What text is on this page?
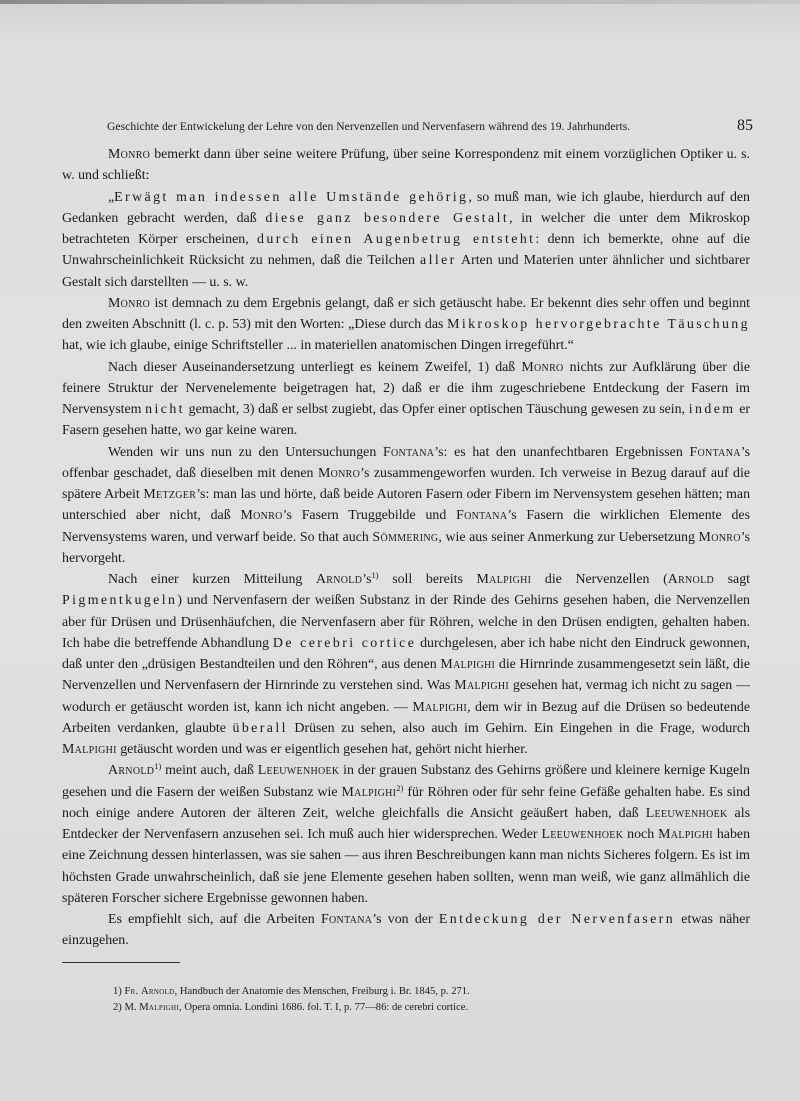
Geschichte der Entwickelung der Lehre von den Nervenzellen und Nervenfasern während des 19. Jahrhunderts.	85

Monro bemerkt dann über seine weitere Prüfung, über seine Korrespondenz mit einem vorzüglichen Optiker u. s. w. und schließt:

„Erwägt man indessen alle Umstände gehörig, so muß man, wie ich glaube, hierdurch auf den Gedanken gebracht werden, daß diese ganz besondere Gestalt, in welcher die unter dem Mikroskop betrachteten Körper erscheinen, durch einen Augenbetrug entsteht: denn ich bemerkte, ohne auf die Unwahrscheinlichkeit Rücksicht zu nehmen, daß die Teilchen aller Arten und Materien unter ähnlicher und sichtbarer Gestalt sich darstellten — u. s. w.

Monro ist demnach zu dem Ergebnis gelangt, daß er sich getäuscht habe. Er bekennt dies sehr offen und beginnt den zweiten Abschnitt (l. c. p. 53) mit den Worten: „Diese durch das Mikroskop hervorgebrachte Täuschung hat, wie ich glaube, einige Schriftsteller ... in materiellen anatomischen Dingen irregeführt.“

Nach dieser Auseinandersetzung unterliegt es keinem Zweifel, 1) daß Monro nichts zur Aufklärung über die feinere Struktur der Nervenelemente beigetragen hat, 2) daß er die ihm zugeschriebene Entdeckung der Fasern im Nervensystem nicht gemacht, 3) daß er selbst zugiebt, das Opfer einer optischen Täuschung gewesen zu sein, indem er Fasern gesehen hatte, wo gar keine waren.

Wenden wir uns nun zu den Untersuchungen Fontana’s: es hat den unanfechtbaren Ergebnissen Fontana’s offenbar geschadet, daß dieselben mit denen Monro’s zusammengeworfen wurden. Ich verweise in Bezug darauf auf die spätere Arbeit Metzger’s: man las und hörte, daß beide Autoren Fasern oder Fibern im Nervensystem gesehen hätten; man unterschied aber nicht, daß Monro’s Fasern Truggebilde und Fontana’s Fasern die wirklichen Elemente des Nervensystems waren, und verwarf beide. So that auch Sömmering, wie aus seiner Anmerkung zur Uebersetzung Monro’s hervorgeht.

Nach einer kurzen Mitteilung $Arnold’s^{1)}$ soll bereits Malpighi die Nervenzellen (Arnold sagt Pigmentkugeln) und Nervenfasern der weißen Substanz in der Rinde des Gehirns gesehen haben, die Nervenzellen aber für Drüsen und Drüsenhäufchen, die Nervenfasern aber für Röhren, welche in den Drüsen endigten, gehalten haben. Ich habe die betreffende Abhandlung De cerebri cortice durchgelesen, aber ich habe nicht den Eindruck gewonnen, daß unter den „drüsigen Bestandteilen und den Röhren“, aus denen Malpighi die Hirnrinde zusammengesetzt sein läßt, die Nervenzellen und Nervenfasern der Hirnrinde zu verstehen sind. Was Malpighi gesehen hat, vermag ich nicht zu sagen — wodurch er getäuscht worden ist, kann ich nicht angeben. — Malpighi, dem wir in Bezug auf die Drüsen so bedeutende Arbeiten verdanken, glaubte überall Drüsen zu sehen, also auch im Gehirn. Ein Eingehen in die Frage, wodurch Malpighi getäuscht worden und was er eigentlich gesehen hat, gehört nicht hierher.

Arnold$^{1)}$ meint auch, daß Leeuwenhoek in der grauen Substanz des Gehirns größere und kleinere kernige Kugeln gesehen und die Fasern der weißen Substanz wie Malpighi$^{2)}$ für Röhren oder für sehr feine Gefäße gehalten habe. Es sind noch einige andere Autoren der älteren Zeit, welche gleichfalls die Ansicht geäußert haben, daß Leeuwenhoek als Entdecker der Nervenfasern anzusehen sei. Ich muß auch hier widersprechen. Weder Leeuwenhoek noch Malpighi haben eine Zeichnung dessen hinterlassen, was sie sahen — aus ihren Beschreibungen kann man nichts Sicheres folgern. Es ist im höchsten Grade unwahrscheinlich, daß sie jene Elemente gesehen haben sollten, wenn man weiß, wie ganz allmählich die späteren Forscher sichere Ergebnisse gewonnen haben.

Es empfiehlt sich, auf die Arbeiten Fontana’s von der Entdeckung der Nervenfasern etwas näher einzugehen.

1) Fr. Arnold, Handbuch der Anatomie des Menschen, Freiburg i. Br. 1845, p. 271.
2) M. Malpighi, Opera omnia. Londini 1686. fol. T. I, p. 77—86: de cerebri cortice.
